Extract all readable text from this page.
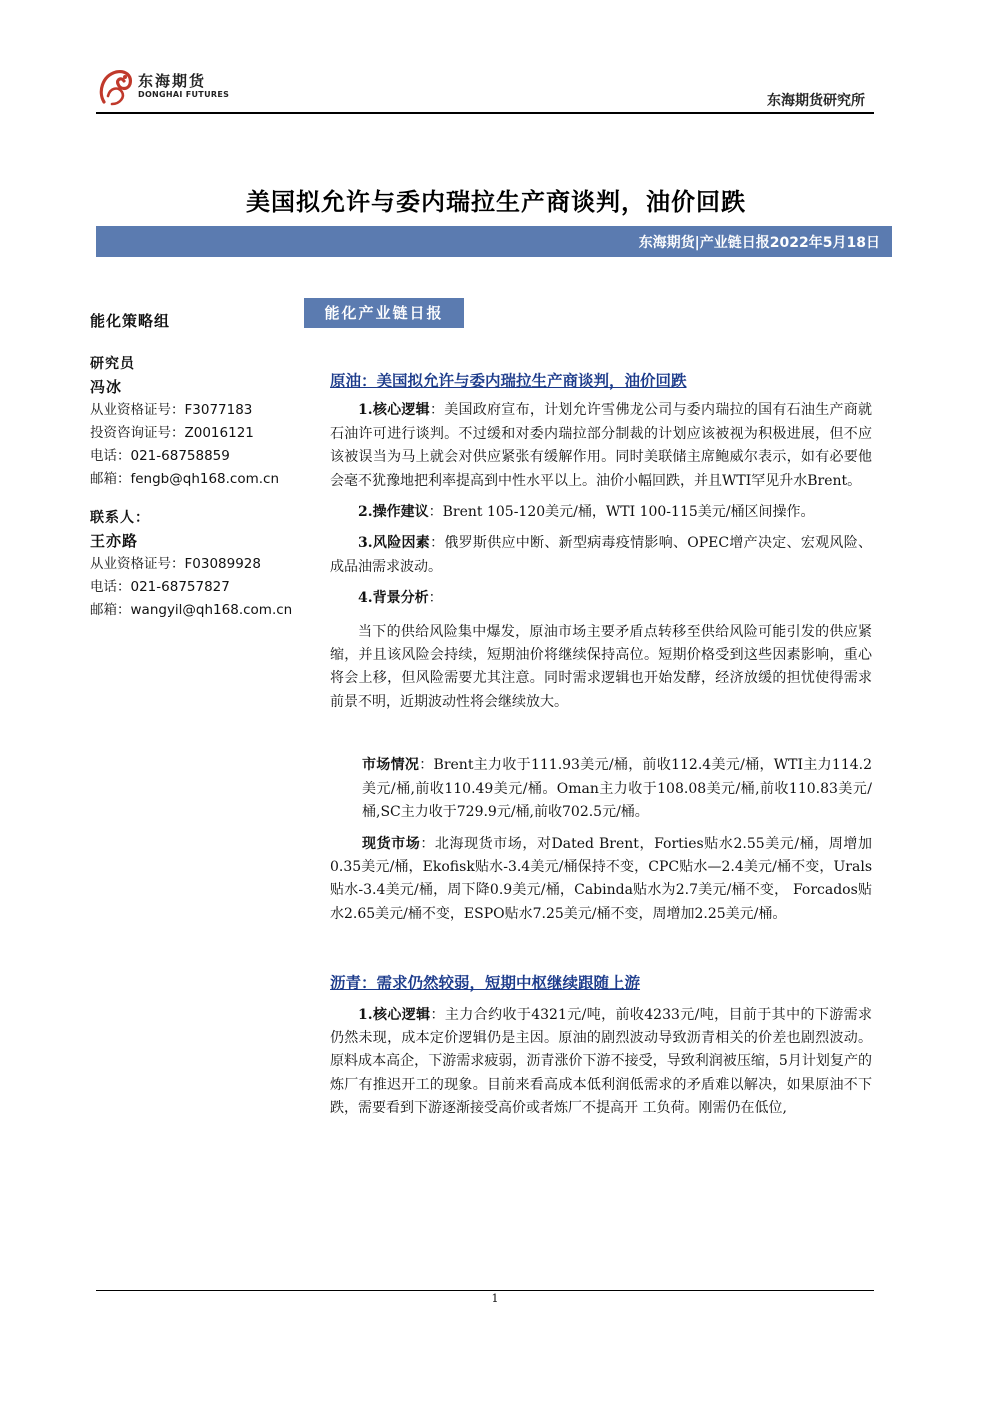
东海期货
DONGHAI FUTURES	东海期货研究所
美国拟允许与委内瑞拉生产商谈判，油价回跌
东海期货|产业链日报2022年5月18日
能化策略组
研究员
冯冰
从业资格证号：F3077183
投资咨询证号：Z0016121
电话：021-68758859
邮箱：fengb@qh168.com.cn
联系人：
王亦路
从业资格证号：F03089928
电话：021-68757827
邮箱：wangyil@qh168.com.cn
能化产业链日报
原油：美国拟允许与委内瑞拉生产商谈判，油价回跌

1.核心逻辑：美国政府宣布，计划允许雪佛龙公司与委内瑞拉的国有石油生产商就石油许可进行谈判。不过缓和对委内瑞拉部分制裁的计划应该被视为积极进展，但不应该被误当为马上就会对供应紧张有缓解作用。同时美联储主席鲍威尔表示，如有必要他会毫不犹豫地把利率提高到中性水平以上。油价小幅回跌，并且WTI罕见升水Brent。

2.操作建议：Brent 105-120美元/桶，WTI 100-115美元/桶区间操作。

3.风险因素：俄罗斯供应中断、新型病毒疫情影响、OPEC增产决定、宏观风险、成品油需求波动。

4.背景分析：

当下的供给风险集中爆发，原油市场主要矛盾点转移至供给风险可能引发的供应紧缩，并且该风险会持续，短期油价将继续保持高位。短期价格受到这些因素影响，重心将会上移，但风险需要尤其注意。同时需求逻辑也开始发酵，经济放缓的担忧使得需求前景不明，近期波动性将会继续放大。

市场情况：Brent主力收于111.93美元/桶，前收112.4美元/桶，WTI主力114.2美元/桶,前收110.49美元/桶。Oman主力收于108.08美元/桶,前收110.83美元/桶,SC主力收于729.9元/桶,前收702.5元/桶。

现货市场：北海现货市场，对Dated Brent，Forties贴水2.55美元/桶，周增加0.35美元/桶，Ekofisk贴水-3.4美元/桶保持不变，CPC贴水—2.4美元/桶不变，Urals贴水-3.4美元/桶，周下降0.9美元/桶，Cabinda贴水为2.7美元/桶不变， Forcados贴水2.65美元/桶不变，ESPO贴水7.25美元/桶不变，周增加2.25美元/桶。

沥青：需求仍然较弱，短期中枢继续跟随上游

1.核心逻辑：主力合约收于4321元/吨，前收4233元/吨，目前于其中的下游需求仍然未现，成本定价逻辑仍是主因。原油的剧烈波动导致沥青相关的价差也剧烈波动。原料成本高企，下游需求疲弱，沥青涨价下游不接受，导致利润被压缩，5月计划复产的炼厂有推迟开工的现象。目前来看高成本低利润低需求的矛盾难以解决，如果原油不下跌，需要看到下游逐渐接受高价或者炼厂不提高开 工负荷。刚需仍在低位,

1
